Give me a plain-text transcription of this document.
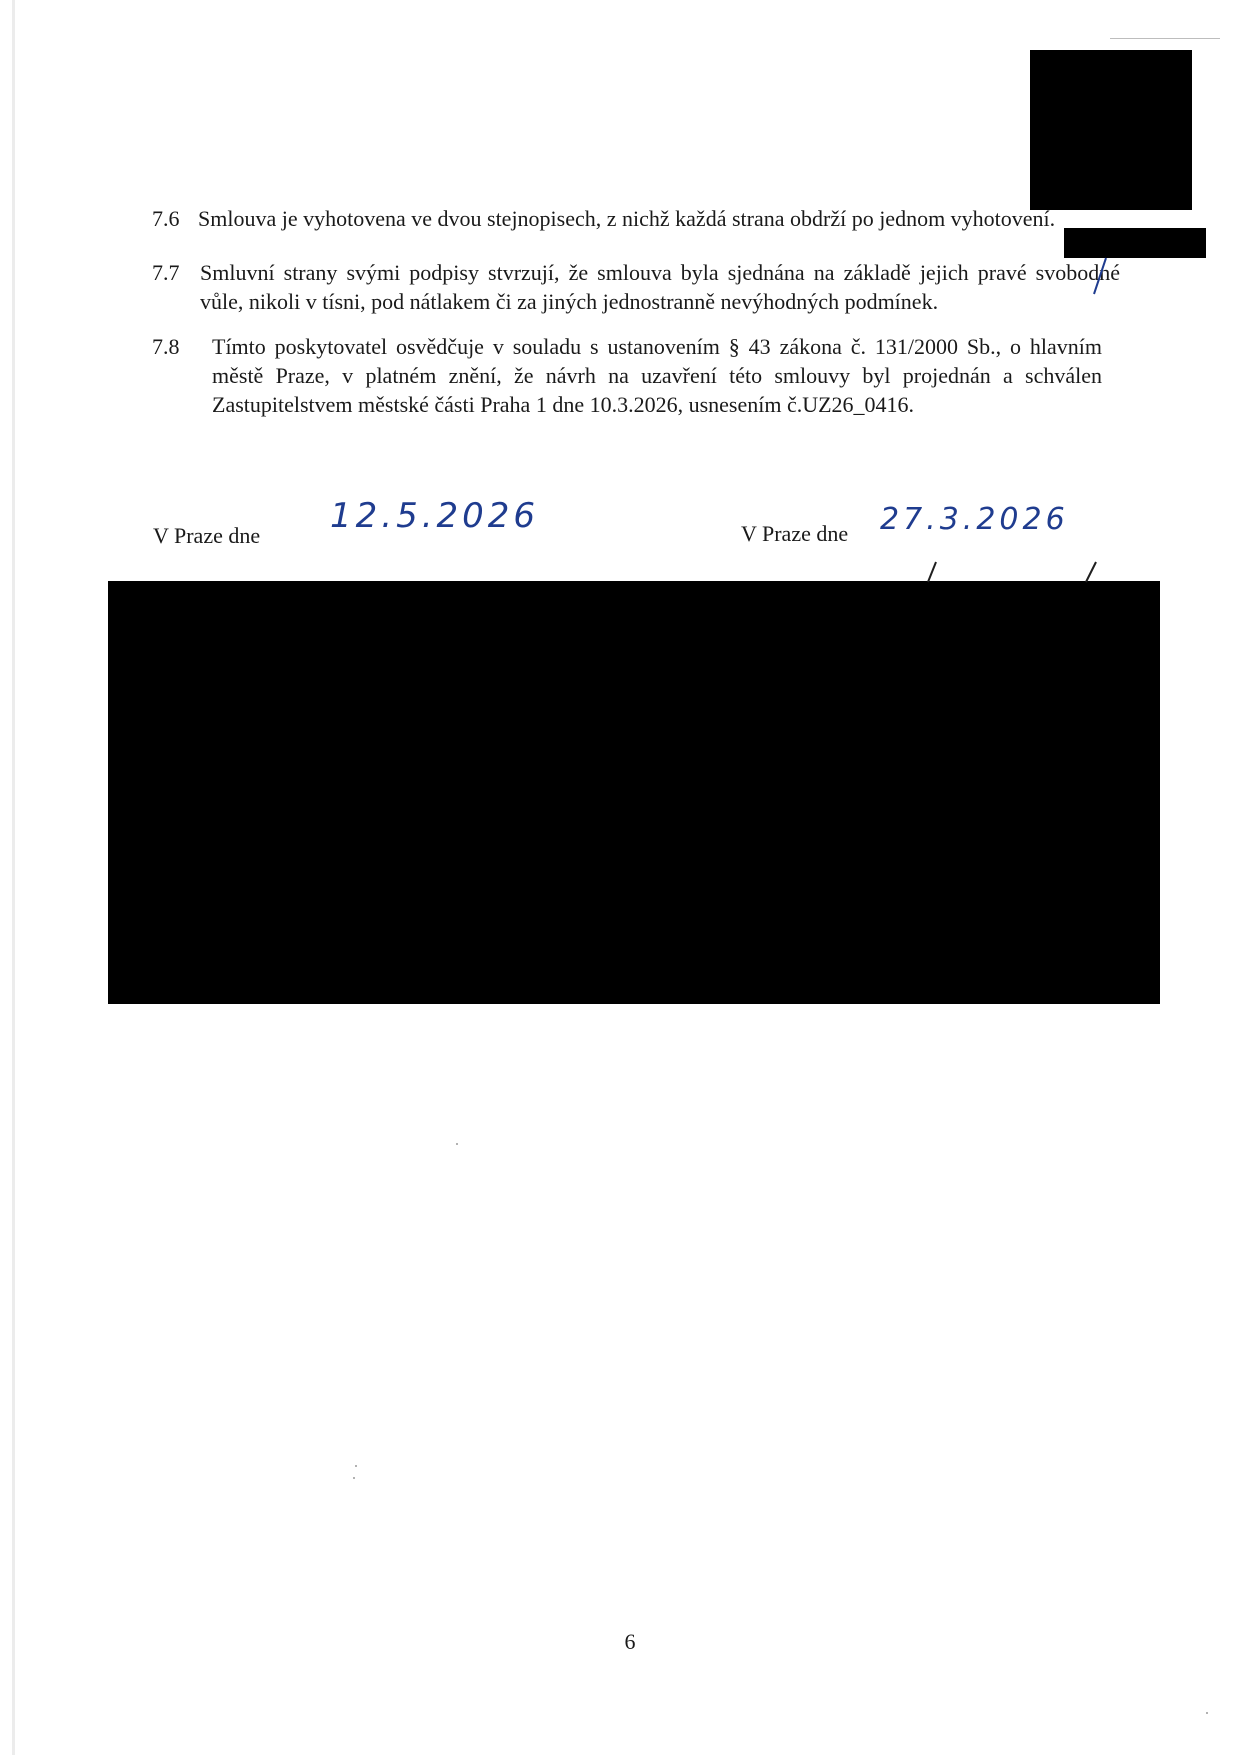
7.6 Smlouva je vyhotovena ve dvou stejnopisech, z nichž každá strana obdrží po jednom vyhotovení.
7.7 Smluvní strany svými podpisy stvrzují, že smlouva byla sjednána na základě jejich pravé svobodné vůle, nikoli v tísni, pod nátlakem či za jiných jednostranně nevýhodných podmínek.
7.8 Tímto poskytovatel osvědčuje v souladu s ustanovením § 43 zákona č. 131/2000 Sb., o hlavním městě Praze, v platném znění, že návrh na uzavření této smlouvy byl projednán a schválen Zastupitelstvem městské části Praha 1 dne 10.3.2026, usnesením č.UZ26_0416.
V Praze dne 12.5.2026	V Praze dne 27.3.2026
6
